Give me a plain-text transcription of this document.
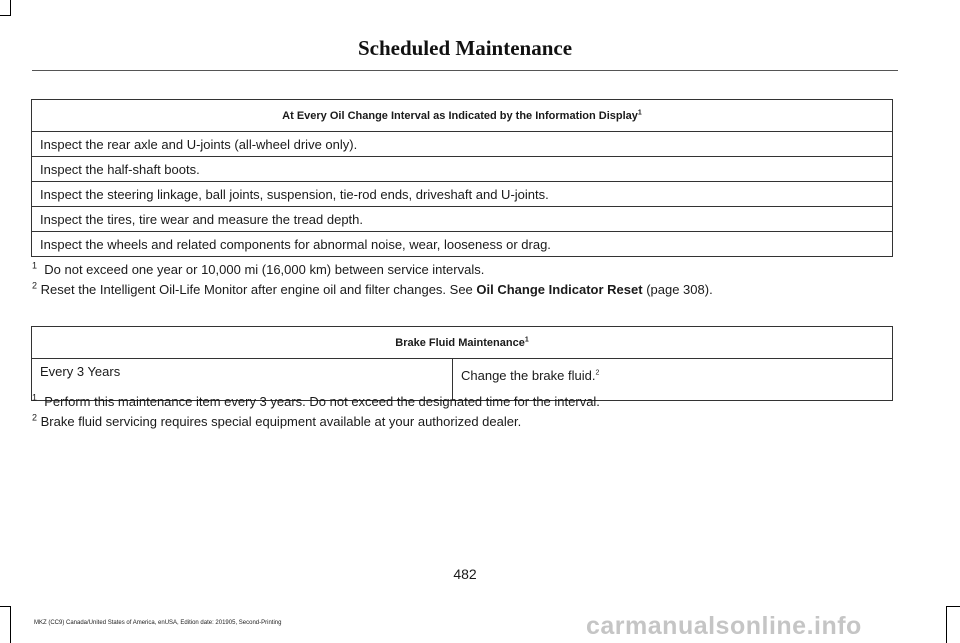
Scheduled Maintenance
At Every Oil Change Interval as Indicated by the Information Display$^1$
Inspect the rear axle and U-joints (all-wheel drive only).
Inspect the half-shaft boots.
Inspect the steering linkage, ball joints, suspension, tie-rod ends, driveshaft and U-joints.
Inspect the tires, tire wear and measure the tread depth.
Inspect the wheels and related components for abnormal noise, wear, looseness or drag.
$^1$ Do not exceed one year or 10,000 mi (16,000 km) between service intervals.
$^2$ Reset the Intelligent Oil-Life Monitor after engine oil and filter changes. See Oil Change Indicator Reset (page 308).
Brake Fluid Maintenance$^1$
Every 3 Years	Change the brake fluid.$^2$
$^1$ Perform this maintenance item every 3 years. Do not exceed the designated time for the interval.
$^2$ Brake fluid servicing requires special equipment available at your authorized dealer.
482
MKZ (CC9) Canada/United States of America, enUSA, Edition date: 201905, Second-Printing	carmanualsonline.info
